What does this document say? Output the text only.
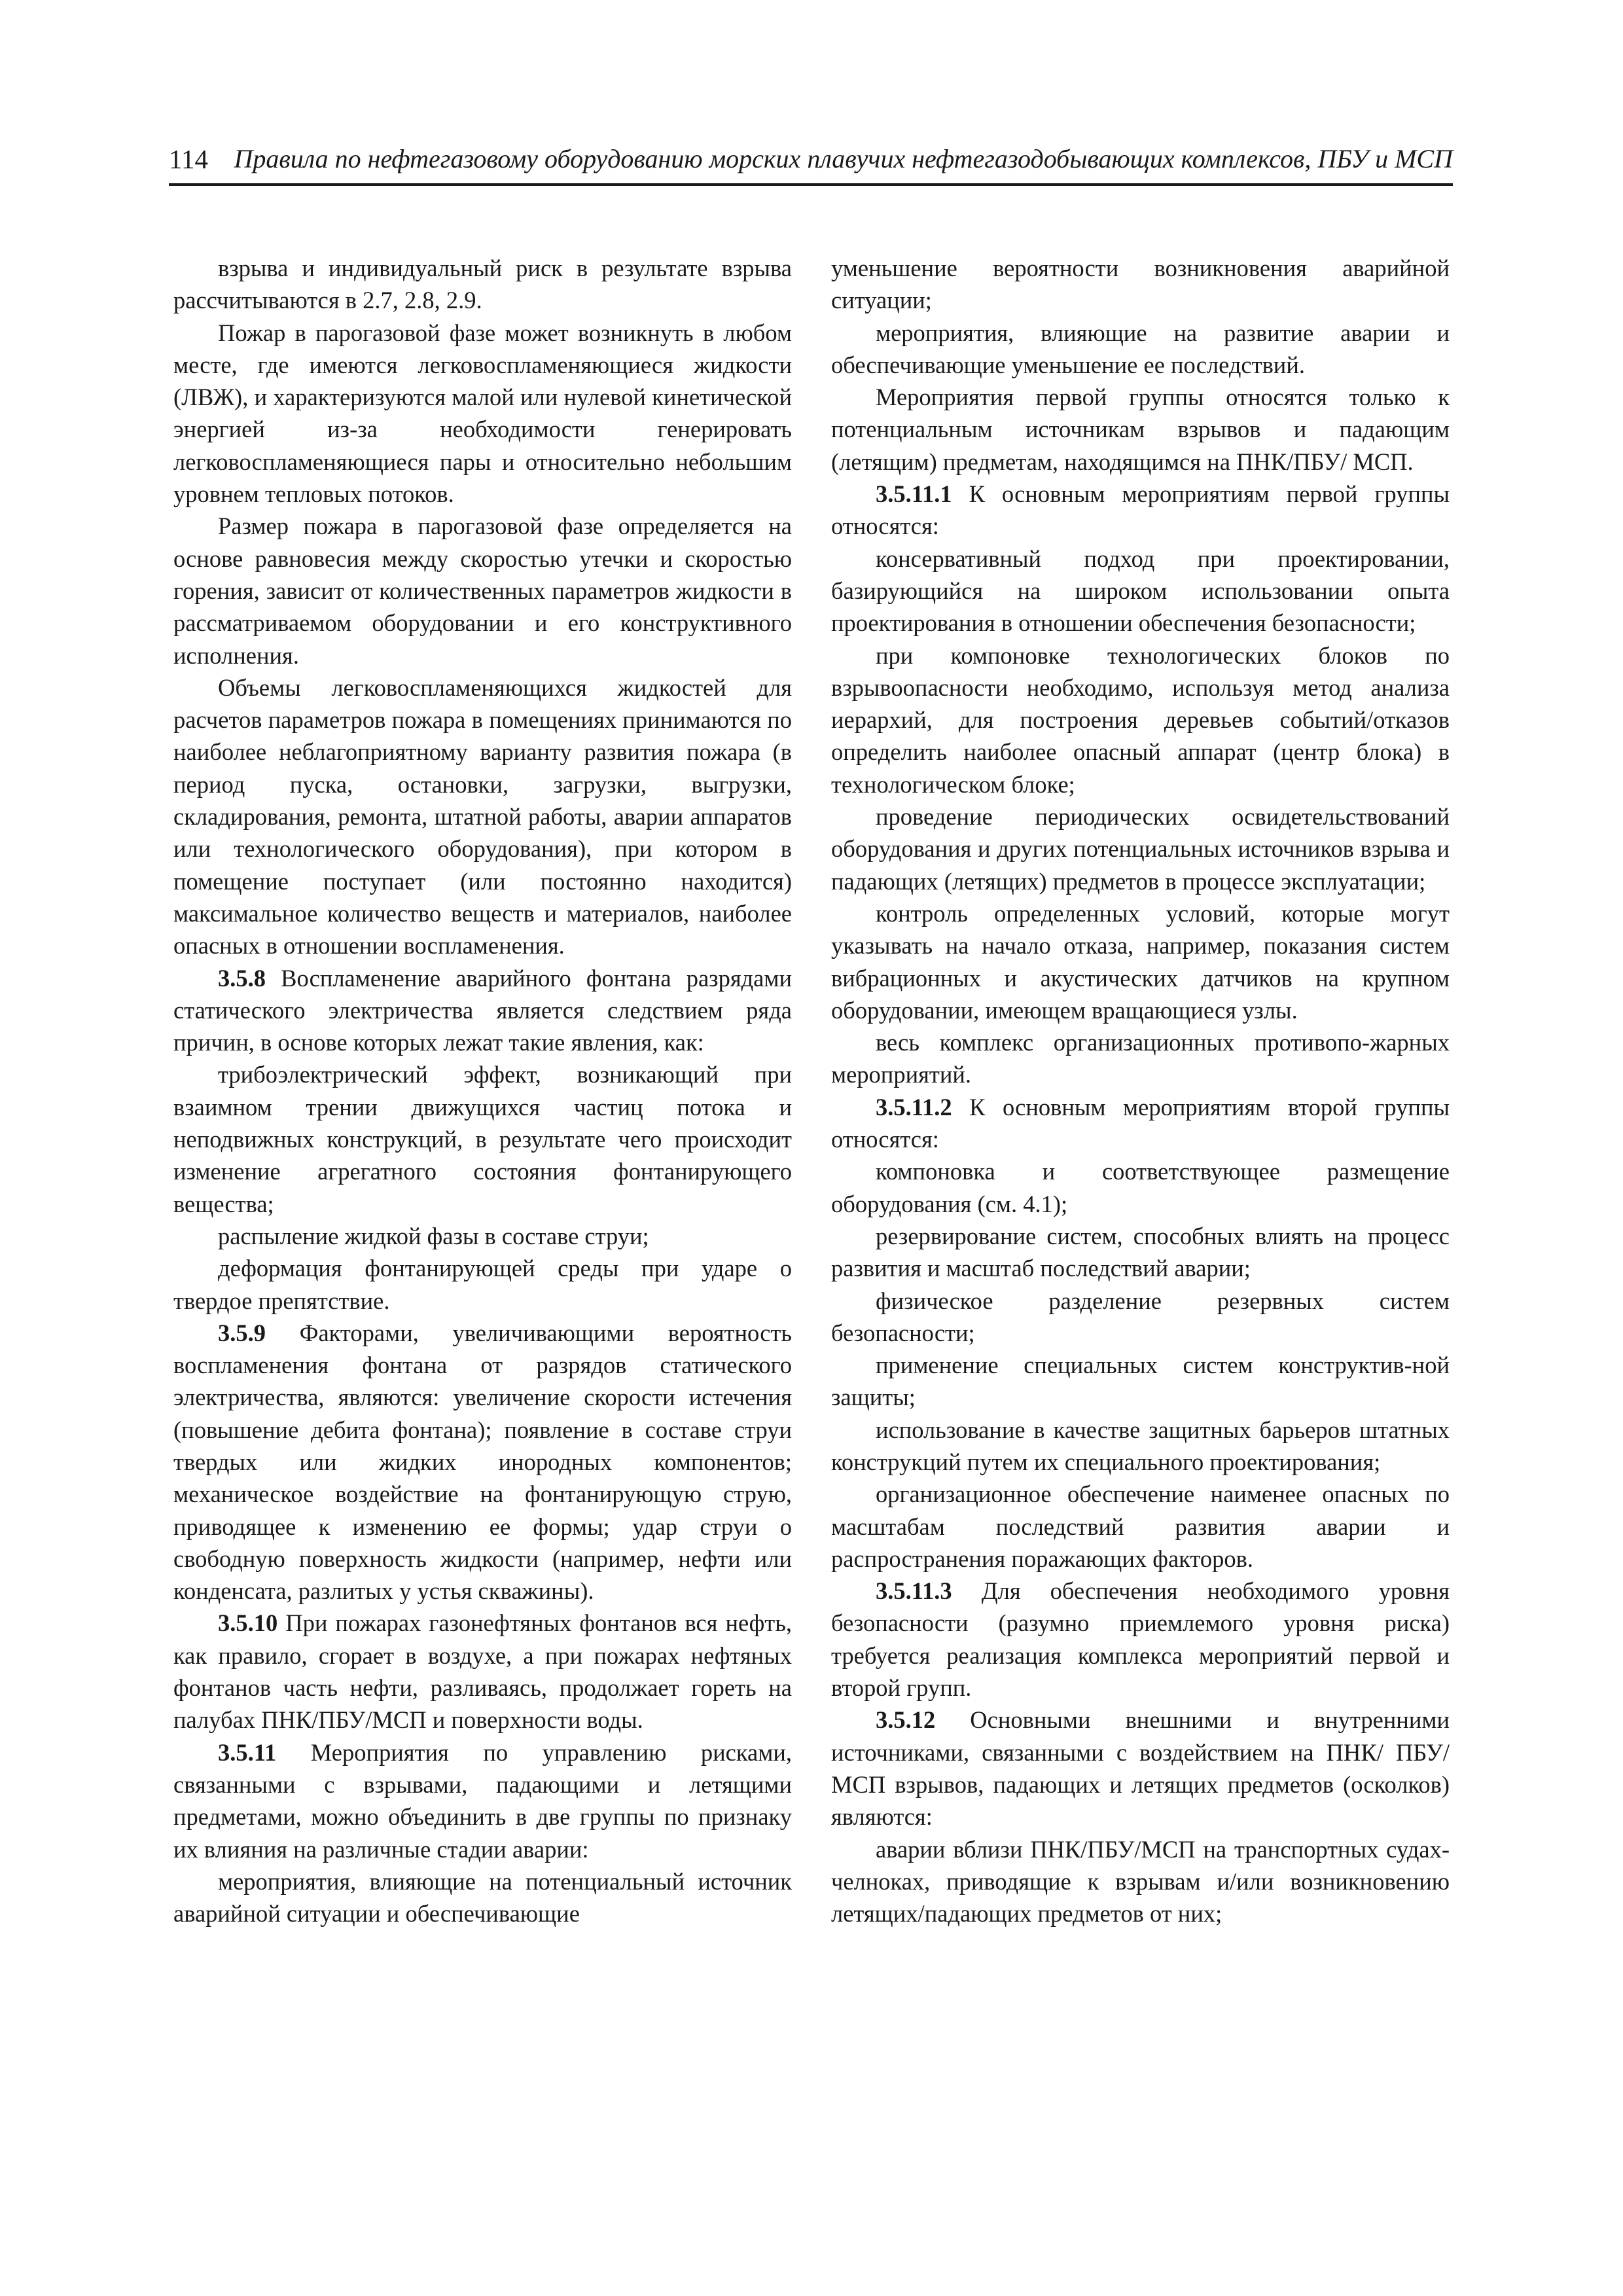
114 Правила по нефтегазовому оборудованию морских плавучих нефтегазодобывающих комплексов, ПБУ и МСП

взрыва и индивидуальный риск в результате взрыва рассчитываются в 2.7, 2.8, 2.9.

Пожар в парогазовой фазе может возникнуть в любом месте, где имеются легковоспламеняющиеся жидкости (ЛВЖ), и характеризуются малой или нулевой кинетической энергией из-за необходимости генерировать легковоспламеняющиеся пары и относительно небольшим уровнем тепловых потоков.

Размер пожара в парогазовой фазе определяется на основе равновесия между скоростью утечки и скоростью горения, зависит от количественных параметров жидкости в рассматриваемом оборудовании и его конструктивного исполнения.

Объемы легковоспламеняющихся жидкостей для расчетов параметров пожара в помещениях принимаются по наиболее неблагоприятному варианту развития пожара (в период пуска, остановки, загрузки, выгрузки, складирования, ремонта, штатной работы, аварии аппаратов или технологического оборудования), при котором в помещение поступает (или постоянно находится) максимальное количество веществ и материалов, наиболее опасных в отношении воспламенения.

3.5.8 Воспламенение аварийного фонтана разрядами статического электричества является следствием ряда причин, в основе которых лежат такие явления, как:

трибоэлектрический эффект, возникающий при взаимном трении движущихся частиц потока и неподвижных конструкций, в результате чего происходит изменение агрегатного состояния фонтанирующего вещества;

распыление жидкой фазы в составе струи;

деформация фонтанирующей среды при ударе о твердое препятствие.

3.5.9 Факторами, увеличивающими вероятность воспламенения фонтана от разрядов статического электричества, являются: увеличение скорости истечения (повышение дебита фонтана); появление в составе струи твердых или жидких инородных компонентов; механическое воздействие на фонтанирующую струю, приводящее к изменению ее формы; удар струи о свободную поверхность жидкости (например, нефти или конденсата, разлитых у устья скважины).

3.5.10 При пожарах газонефтяных фонтанов вся нефть, как правило, сгорает в воздухе, а при пожарах нефтяных фонтанов часть нефти, разливаясь, продолжает гореть на палубах ПНК/ПБУ/МСП и поверхности воды.

3.5.11 Мероприятия по управлению рисками, связанными с взрывами, падающими и летящими предметами, можно объединить в две группы по признаку их влияния на различные стадии аварии:

мероприятия, влияющие на потенциальный источник аварийной ситуации и обеспечивающие

уменьшение вероятности возникновения аварийной ситуации;

мероприятия, влияющие на развитие аварии и обеспечивающие уменьшение ее последствий.

Мероприятия первой группы относятся только к потенциальным источникам взрывов и падающим (летящим) предметам, находящимся на ПНК/ПБУ/ МСП.

3.5.11.1 К основным мероприятиям первой группы относятся:

консервативный подход при проектировании, базирующийся на широком использовании опыта проектирования в отношении обеспечения безопасности;

при компоновке технологических блоков по взрывоопасности необходимо, используя метод анализа иерархий, для построения деревьев событий/отказов определить наиболее опасный аппарат (центр блока) в технологическом блоке;

проведение периодических освидетельствований оборудования и других потенциальных источников взрыва и падающих (летящих) предметов в процессе эксплуатации;

контроль определенных условий, которые могут указывать на начало отказа, например, показания систем вибрационных и акустических датчиков на крупном оборудовании, имеющем вращающиеся узлы.

весь комплекс организационных противопо-жарных мероприятий.

3.5.11.2 К основным мероприятиям второй группы относятся:

компоновка и соответствующее размещение оборудования (см. 4.1);

резервирование систем, способных влиять на процесс развития и масштаб последствий аварии;

физическое разделение резервных систем безопасности;

применение специальных систем конструктив-ной защиты;

использование в качестве защитных барьеров штатных конструкций путем их специального проектирования;

организационное обеспечение наименее опасных по масштабам последствий развития аварии и распространения поражающих факторов.

3.5.11.3 Для обеспечения необходимого уровня безопасности (разумно приемлемого уровня риска) требуется реализация комплекса мероприятий первой и второй групп.

3.5.12 Основными внешними и внутренними источниками, связанными с воздействием на ПНК/ ПБУ/МСП взрывов, падающих и летящих предметов (осколков) являются:

аварии вблизи ПНК/ПБУ/МСП на транспортных судах-челноках, приводящие к взрывам и/или возникновению летящих/падающих предметов от них;
